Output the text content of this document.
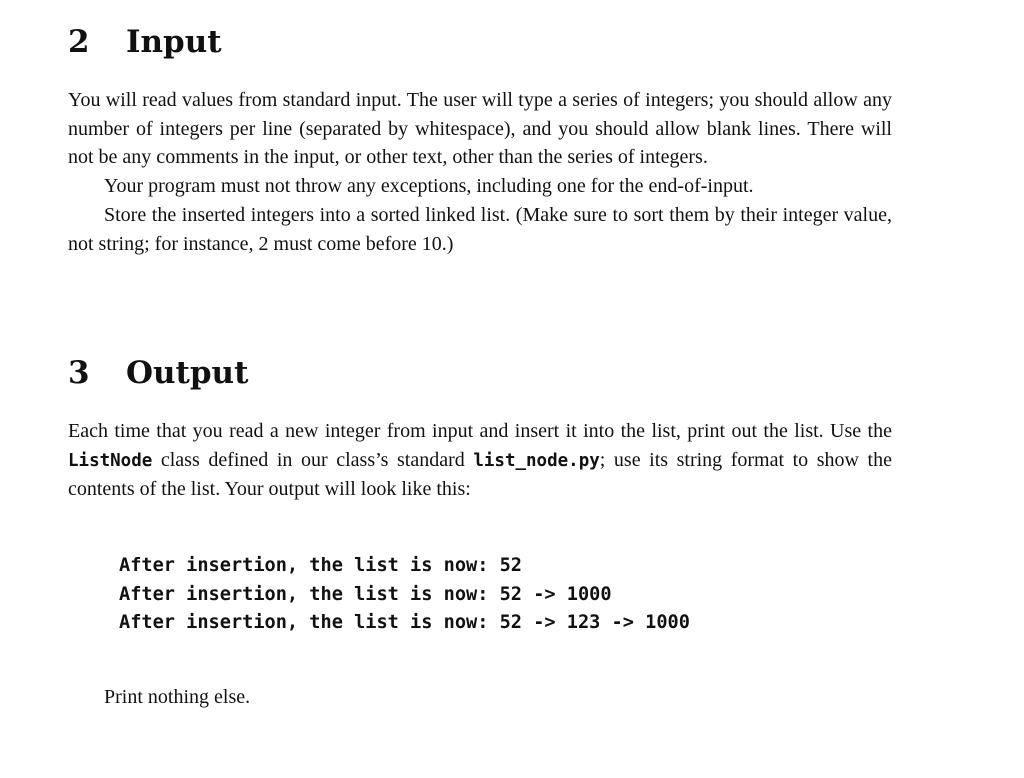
2 Input

You will read values from standard input. The user will type a series of integers; you should allow any number of integers per line (separated by whitespace), and you should allow blank lines. There will not be any comments in the input, or other text, other than the series of integers.

Your program must not throw any exceptions, including one for the end-of-input.

Store the inserted integers into a sorted linked list. (Make sure to sort them by their integer value, not string; for instance, 2 must come before 10.)

3 Output

Each time that you read a new integer from input and insert it into the list, print out the list. Use the ListNode class defined in our class’s standard list_node.py; use its string format to show the contents of the list. Your output will look like this:

After insertion, the list is now: 52
After insertion, the list is now: 52 -> 1000
After insertion, the list is now: 52 -> 123 -> 1000
Print nothing else.
